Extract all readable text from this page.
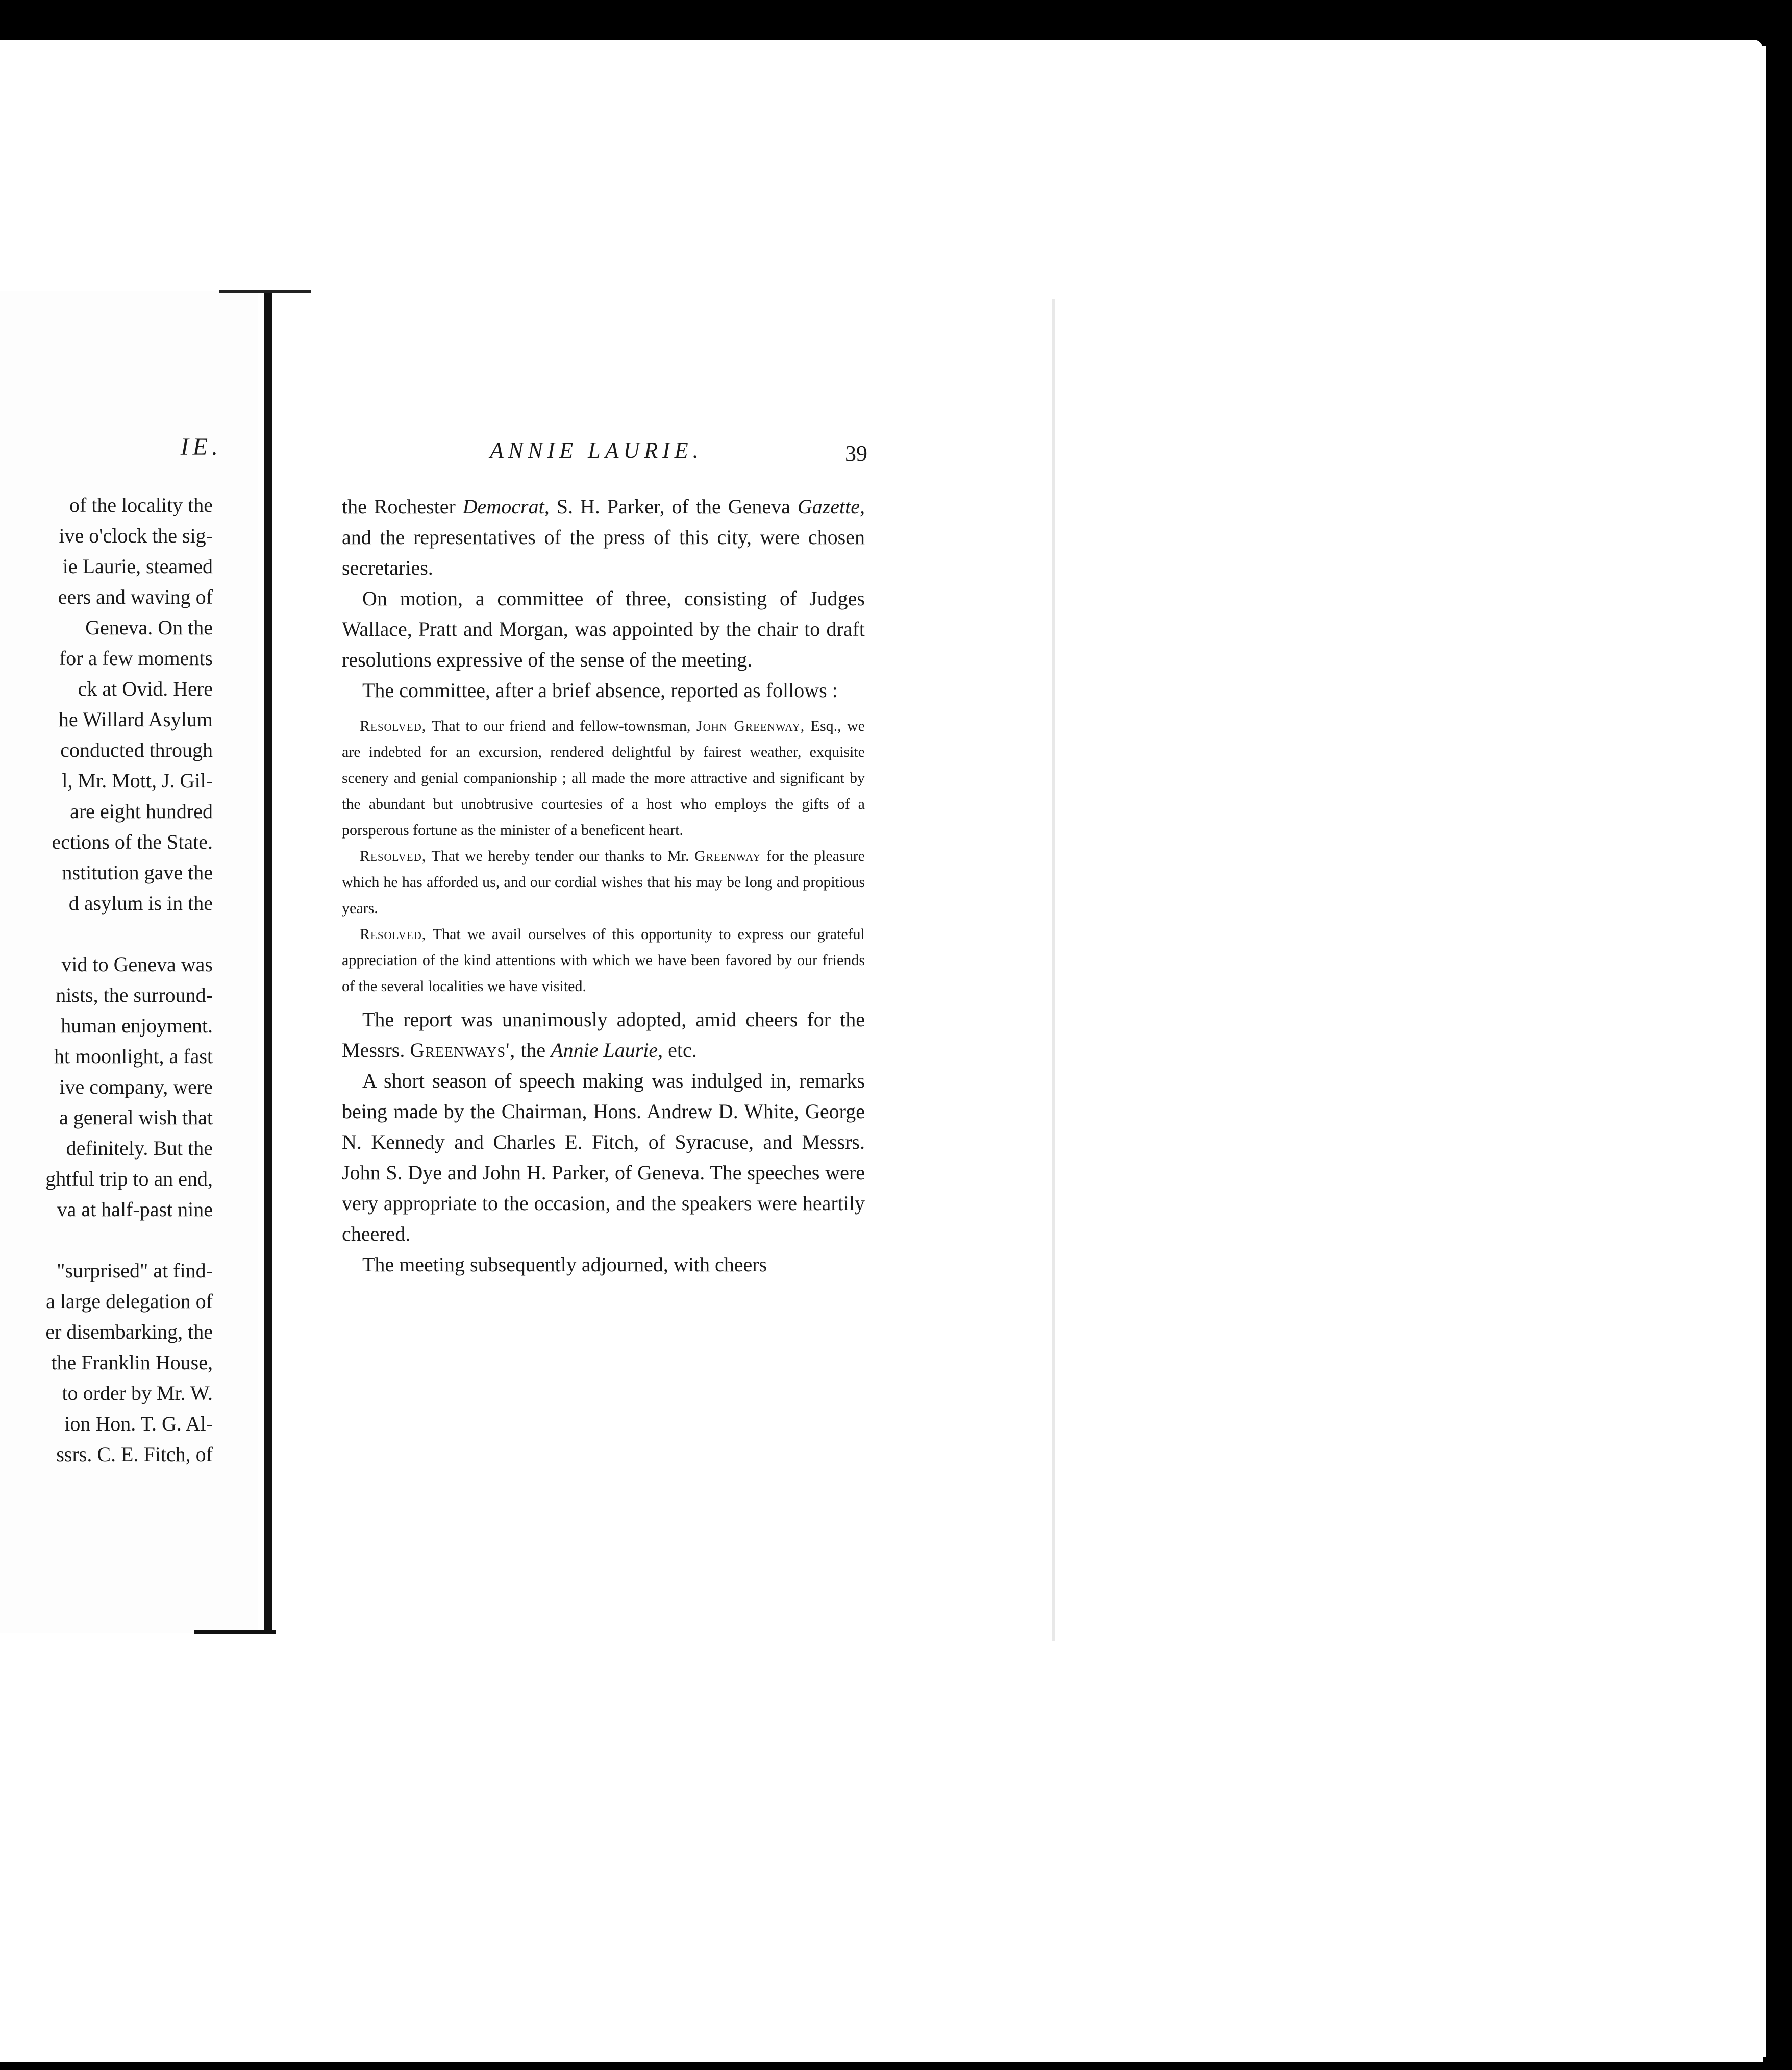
IE.
of the locality the
ive o'clock the sig-
ie Laurie, steamed
eers and waving of
Geneva. On the
for a few moments
ck at Ovid. Here
he Willard Asylum
conducted through
l, Mr. Mott, J. Gil-
are eight hundred
ections of the State.
nstitution gave the
d asylum is in the

vid to Geneva was
nists, the surround-
human enjoyment.
ht moonlight, a fast
ive company, were
a general wish that
definitely. But the
ghtful trip to an end,
va at half-past nine

"surprised" at find-
a large delegation of
er disembarking, the
the Franklin House,
to order by Mr. W.
ion Hon. T. G. Al-
ssrs. C. E. Fitch, of
ANNIE LAURIE.	39

the Rochester Democrat, S. H. Parker, of the Geneva Gazette, and the representatives of the press of this city, were chosen secretaries.

On motion, a committee of three, consisting of Judges Wallace, Pratt and Morgan, was appointed by the chair to draft resolutions expressive of the sense of the meeting.

The committee, after a brief absence, reported as follows :

Resolved, That to our friend and fellow-townsman, John Greenway, Esq., we are indebted for an excursion, rendered delightful by fairest weather, exquisite scenery and genial companionship ; all made the more attractive and significant by the abundant but unobtrusive courtesies of a host who employs the gifts of a porsperous fortune as the minister of a beneficent heart.

Resolved, That we hereby tender our thanks to Mr. Greenway for the pleasure which he has afforded us, and our cordial wishes that his may be long and propitious years.

Resolved, That we avail ourselves of this opportunity to express our grateful appreciation of the kind attentions with which we have been favored by our friends of the several localities we have visited.

The report was unanimously adopted, amid cheers for the Messrs. Greenways', the Annie Laurie, etc.

A short season of speech making was indulged in, remarks being made by the Chairman, Hons. Andrew D. White, George N. Kennedy and Charles E. Fitch, of Syracuse, and Messrs. John S. Dye and John H. Parker, of Geneva. The speeches were very appropriate to the occasion, and the speakers were heartily cheered.

The meeting subsequently adjourned, with cheers
